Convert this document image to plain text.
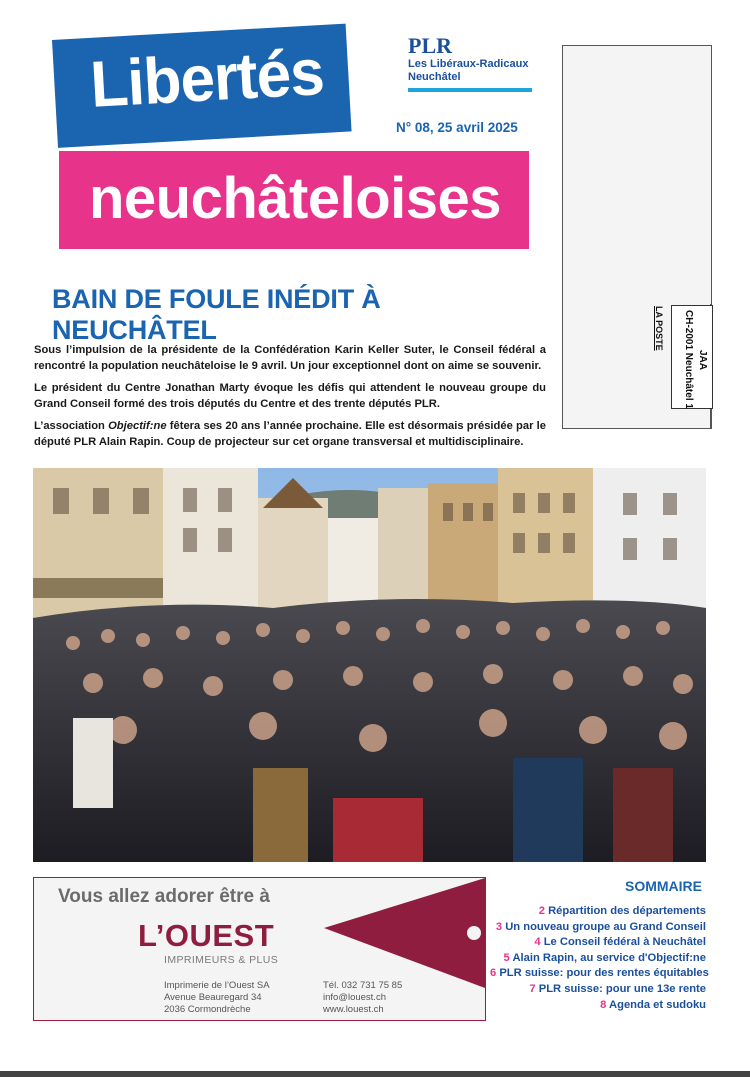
Libertés
neuchâteloises
PLR
Les Libéraux-Radicaux
Neuchâtel
N° 08, 25 avril 2025
JAA
CH-2001 Neuchâtel 1
LA POSTE
BAIN DE FOULE INÉDIT À NEUCHÂTEL
Sous l’impulsion de la présidente de la Confédération Karin Keller Suter, le Conseil fédéral a rencontré la population neuchâteloise le 9 avril. Un jour exceptionnel dont on aime se souvenir.
Le président du Centre Jonathan Marty évoque les défis qui attendent le nouveau groupe du Grand Conseil formé des trois députés du Centre et des trente députés PLR.
L’association Objectif:ne fêtera ses 20 ans l’année prochaine. Elle est désormais présidée par le député PLR Alain Rapin. Coup de projecteur sur cet organe transversal et multidisciplinaire.
Vous allez adorer être à
L’OUEST
IMPRIMEURS & PLUS
Imprimerie de l’Ouest SA
Avenue Beauregard 34
2036 Cormondrèche
Tél. 032 731 75 85
info@louest.ch
www.louest.ch
SOMMAIRE
2 Répartition des départements
3 Un nouveau groupe au Grand Conseil
4 Le Conseil fédéral à Neuchâtel
5 Alain Rapin, au service d'Objectif:ne
6 PLR suisse: pour des rentes équitables
7 PLR suisse: pour une 13e rente
8 Agenda et sudoku
